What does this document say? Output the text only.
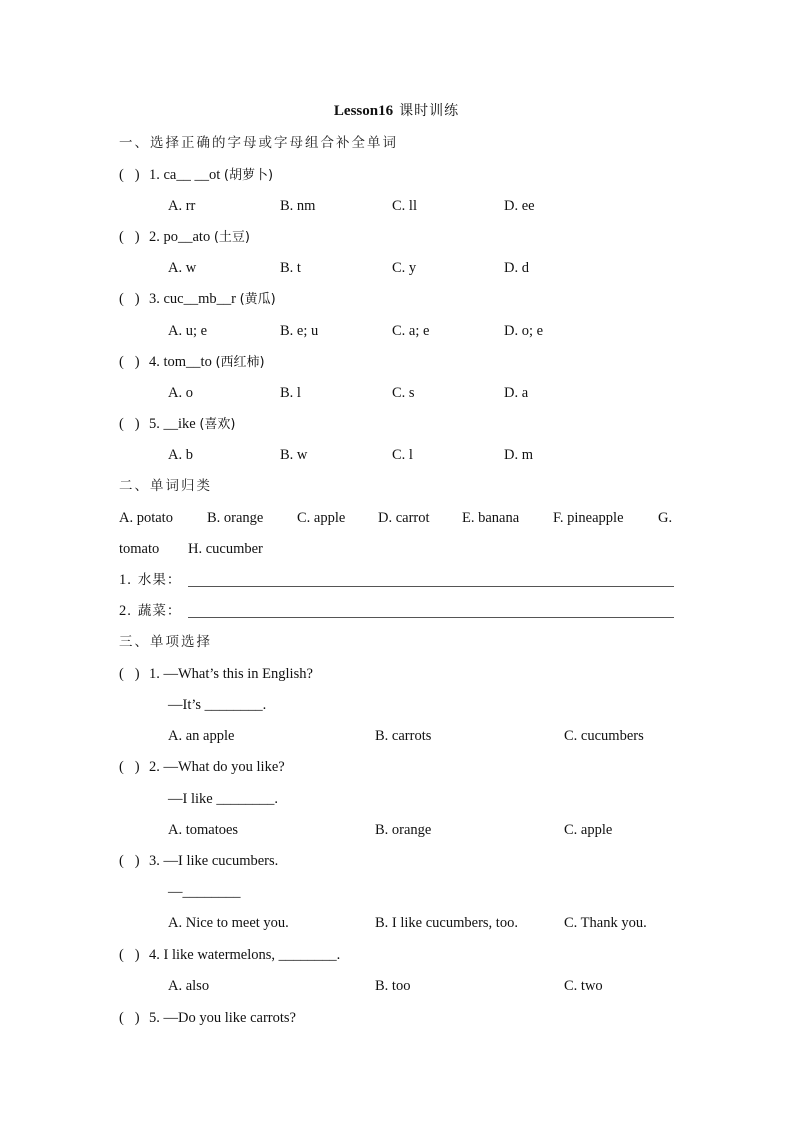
Lesson16 课时训练
一、选择正确的字母或字母组合补全单词
(   ) 1. ca__ __ot (胡萝卜)
A. rr	B. nm	C. ll	D. ee
(   ) 2. po__ato (土豆)
A. w	B. t	C. y	D. d
(   ) 3. cuc__mb__r (黄瓜)
A. u; e	B. e; u	C. a; e	D. o; e
(   ) 4. tom__to (西红柿)
A. o	B. l	C. s	D. a
(   ) 5. __ike (喜欢)
A. b	B. w	C. l	D. m
二、单词归类
A. potato B. orange C. apple D. carrot E. banana F. pineapple G.
tomato H. cucumber
1. 水果：
2. 蔬菜：
三、单项选择
(   ) 1. —What’s this in English?
—It’s ________.
A. an apple	B. carrots	C. cucumbers
(   ) 2. —What do you like?
—I like ________.
A. tomatoes	B. orange	C. apple
(   ) 3. —I like cucumbers.
—________
A. Nice to meet you.	B. I like cucumbers, too.	C. Thank you.
(   ) 4. I like watermelons, ________.
A. also	B. too	C. two
(   ) 5. —Do you like carrots?
